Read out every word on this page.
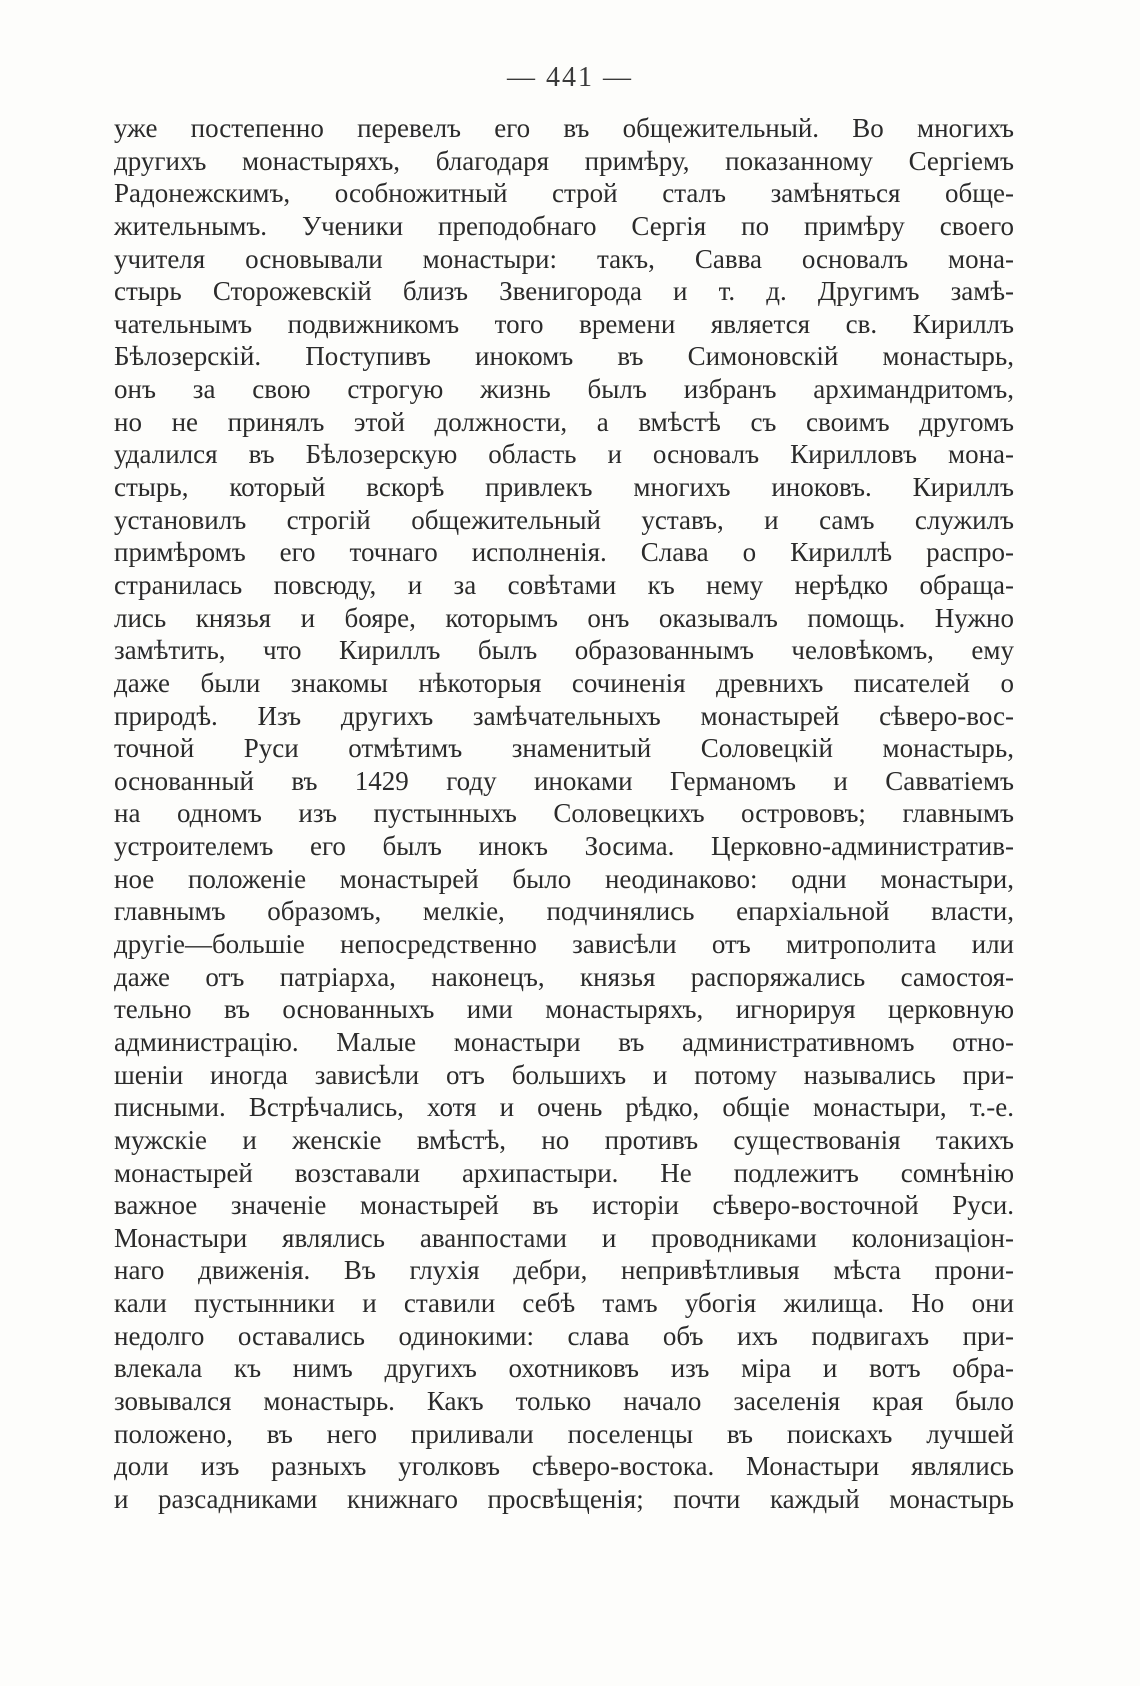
— 441 —
уже постепенно перевелъ его въ общежительный. Во многихъ
другихъ монастыряхъ, благодаря примѣру, показанному Сергіемъ
Радонежскимъ, особножитный строй сталъ замѣняться обще-
жительнымъ. Ученики преподобнаго Сергія по примѣру своего
учителя основывали монастыри: такъ, Савва основалъ мона-
стырь Сторожевскій близъ Звенигорода и т. д. Другимъ замѣ-
чательнымъ подвижникомъ того времени является св. Кириллъ
Бѣлозерскій. Поступивъ инокомъ въ Симоновскій монастырь,
онъ за свою строгую жизнь былъ избранъ архимандритомъ,
но не принялъ этой должности, а вмѣстѣ съ своимъ другомъ
удалился въ Бѣлозерскую область и основалъ Кирилловъ мона-
стырь, который вскорѣ привлекъ многихъ иноковъ. Кириллъ
установилъ строгій общежительный уставъ, и самъ служилъ
примѣромъ его точнаго исполненія. Слава о Кириллѣ распро-
странилась повсюду, и за совѣтами къ нему нерѣдко обраща-
лись князья и бояре, которымъ онъ оказывалъ помощь. Нужно
замѣтить, что Кириллъ былъ образованнымъ человѣкомъ, ему
даже были знакомы нѣкоторыя сочиненія древнихъ писателей о
природѣ. Изъ другихъ замѣчательныхъ монастырей сѣверо-вос-
точной Руси отмѣтимъ знаменитый Соловецкій монастырь,
основанный въ 1429 году иноками Германомъ и Савватіемъ
на одномъ изъ пустынныхъ Соловецкихъ острововъ; главнымъ
устроителемъ его былъ инокъ Зосима. Церковно-административ-
ное положеніе монастырей было неодинаково: одни монастыри,
главнымъ образомъ, мелкіе, подчинялись епархіальной власти,
другіе—большіе непосредственно зависѣли отъ митрополита или
даже отъ патріарха, наконецъ, князья распоряжались самостоя-
тельно въ основанныхъ ими монастыряхъ, игнорируя церковную
администрацію. Малые монастыри въ административномъ отно-
шеніи иногда зависѣли отъ большихъ и потому назывались при-
писными. Встрѣчались, хотя и очень рѣдко, общіе монастыри, т.-е.
мужскіе и женскіе вмѣстѣ, но противъ существованія такихъ
монастырей возставали архипастыри. Не подлежитъ сомнѣнію
важное значеніе монастырей въ исторіи сѣверо-восточной Руси.
Монастыри являлись аванпостами и проводниками колонизаціон-
наго движенія. Въ глухія дебри, непривѣтливыя мѣста прони-
кали пустынники и ставили себѣ тамъ убогія жилища. Но они
недолго оставались одинокими: слава объ ихъ подвигахъ при-
влекала къ нимъ другихъ охотниковъ изъ міра и вотъ обра-
зовывался монастырь. Какъ только начало заселенія края было
положено, въ него приливали поселенцы въ поискахъ лучшей
доли изъ разныхъ уголковъ сѣверо-востока. Монастыри являлись
и разсадниками книжнаго просвѣщенія; почти каждый монастырь
